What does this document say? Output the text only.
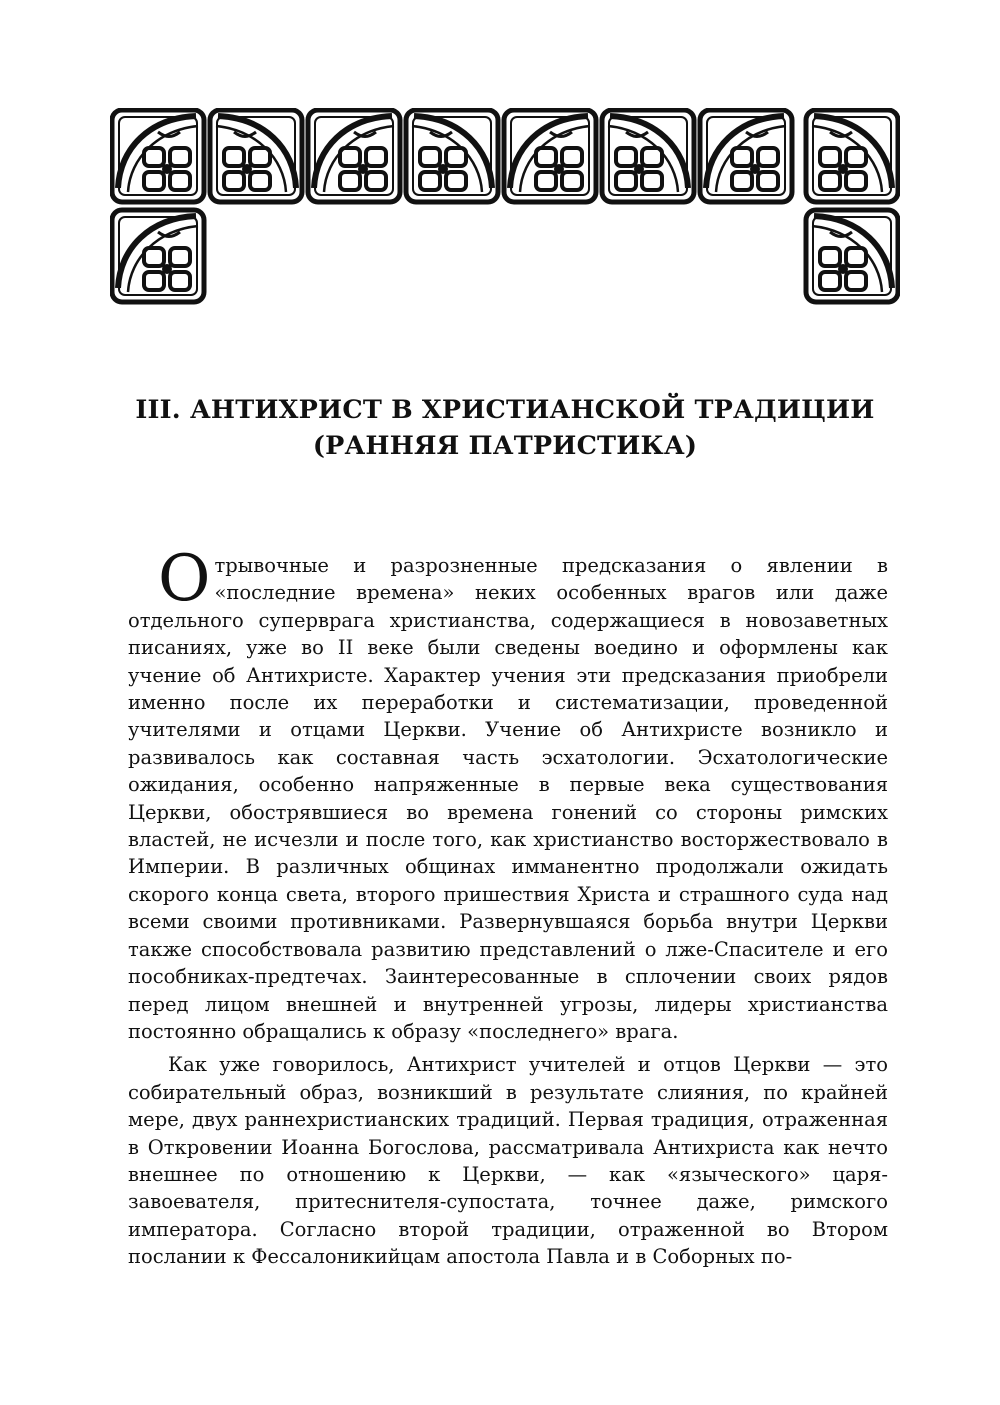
III. АНТИХРИСТ В ХРИСТИАНСКОЙ ТРАДИЦИИ
(РАННЯЯ ПАТРИСТИКА)

Отрывочные и разрозненные предсказания о явлении в «последние времена» неких особенных врагов или даже отдельного суперврага христианства, содержащиеся в новозаветных писаниях, уже во II веке были сведены воедино и оформлены как учение об Антихристе. Характер учения эти предсказания приобрели именно после их переработки и систематизации, проведенной учителями и отцами Церкви. Учение об Антихристе возникло и развивалось как составная часть эсхатологии. Эсхатологические ожидания, особенно напряженные в первые века существования Церкви, обострявшиеся во времена гонений со стороны римских властей, не исчезли и после того, как христианство восторжествовало в Империи. В различных общинах имманентно продолжали ожидать скорого конца света, второго пришествия Христа и страшного суда над всеми своими противниками. Развернувшаяся борьба внутри Церкви также способствовала развитию представлений о лже-Спасителе и его пособниках-предтечах. Заинтересованные в сплочении своих рядов перед лицом внешней и внутренней угрозы, лидеры христианства постоянно обращались к образу «последнего» врага.

Как уже говорилось, Антихрист учителей и отцов Церкви — это собирательный образ, возникший в результате слияния, по крайней мере, двух раннехристианских традиций. Первая традиция, отраженная в Откровении Иоанна Богослова, рассматривала Антихриста как нечто внешнее по отношению к Церкви, — как «языческого» царя-завоевателя, притеснителя-супостата, точнее даже, римского императора. Согласно второй традиции, отраженной во Втором послании к Фессалоникийцам апостола Павла и в Соборных по-
